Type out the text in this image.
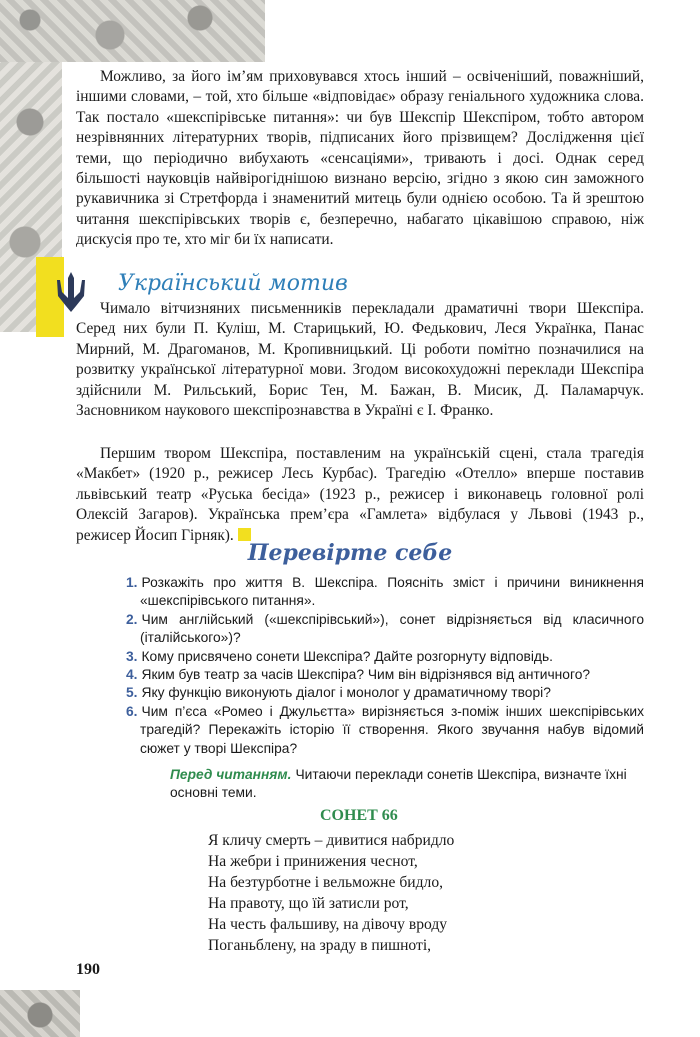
Можливо, за його ім’ям приховувався хтось інший – освіченіший, поважніший, іншими словами, – той, хто більше «відповідає» образу геніального художника слова. Так постало «шекспірівське питання»: чи був Шекспір Шекспіром, тобто автором незрівнянних літературних творів, підписаних його прізвищем? Дослідження цієї теми, що періодично вибухають «сенсаціями», тривають і досі. Однак серед більшості науковців найвірогіднішою визнано версію, згідно з якою син заможного рукавичника зі Стретфорда і знаменитий митець були однією особою. Та й зрештою читання шекспірівських творів є, безперечно, набагато цікавішою справою, ніж дискусія про те, хто міг би їх написати.

Український мотив

Чимало вітчизняних письменників перекладали драматичні твори Шекспіра. Серед них були П. Куліш, М. Старицький, Ю. Федькович, Леся Українка, Панас Мирний, М. Драгоманов, М. Кропивницький. Ці роботи помітно позначилися на розвитку української літературної мови. Згодом високохудожні переклади Шекспіра здійснили М. Рильський, Борис Тен, М. Бажан, В. Мисик, Д. Паламарчук. Засновником наукового шекспірознавства в Україні є І. Франко.

Першим твором Шекспіра, поставленим на українській сцені, стала трагедія «Макбет» (1920 р., режисер Лесь Курбас). Трагедію «Отелло» вперше поставив львівський театр «Руська бесіда» (1923 р., режисер і виконавець головної ролі Олексій Загаров). Українська прем’єра «Гамлета» відбулася у Львові (1943 р., режисер Йосип Гірняк).

Перевірте себе
1. Розкажіть про життя В. Шекспіра. Поясніть зміст і причини виникнення «шекспірівського питання».
2. Чим англійський («шекспірівський»), сонет відрізняється від класичного (італійського»)?
3. Кому присвячено сонети Шекспіра? Дайте розгорнуту відповідь.
4. Яким був театр за часів Шекспіра? Чим він відрізнявся від античного?
5. Яку функцію виконують діалог і монолог у драматичному творі?
6. Чим п’єса «Ромео і Джульєтта» вирізняється з-поміж інших шекспірівських трагедій? Перекажіть історію її створення. Якого звучання набув відомий сюжет у творі Шекспіра?

Перед читанням. Читаючи переклади сонетів Шекспіра, визначте їхні основні теми.

СОНЕТ 66
Я кличу смерть – дивитися набридло
На жебри і принижения чеснот,
На безтурботне і вельможне бидло,
На правоту, що їй затисли рот,
На честь фальшиву, на дівочу вроду
Поганьблену, на зраду в пишноті,
190
